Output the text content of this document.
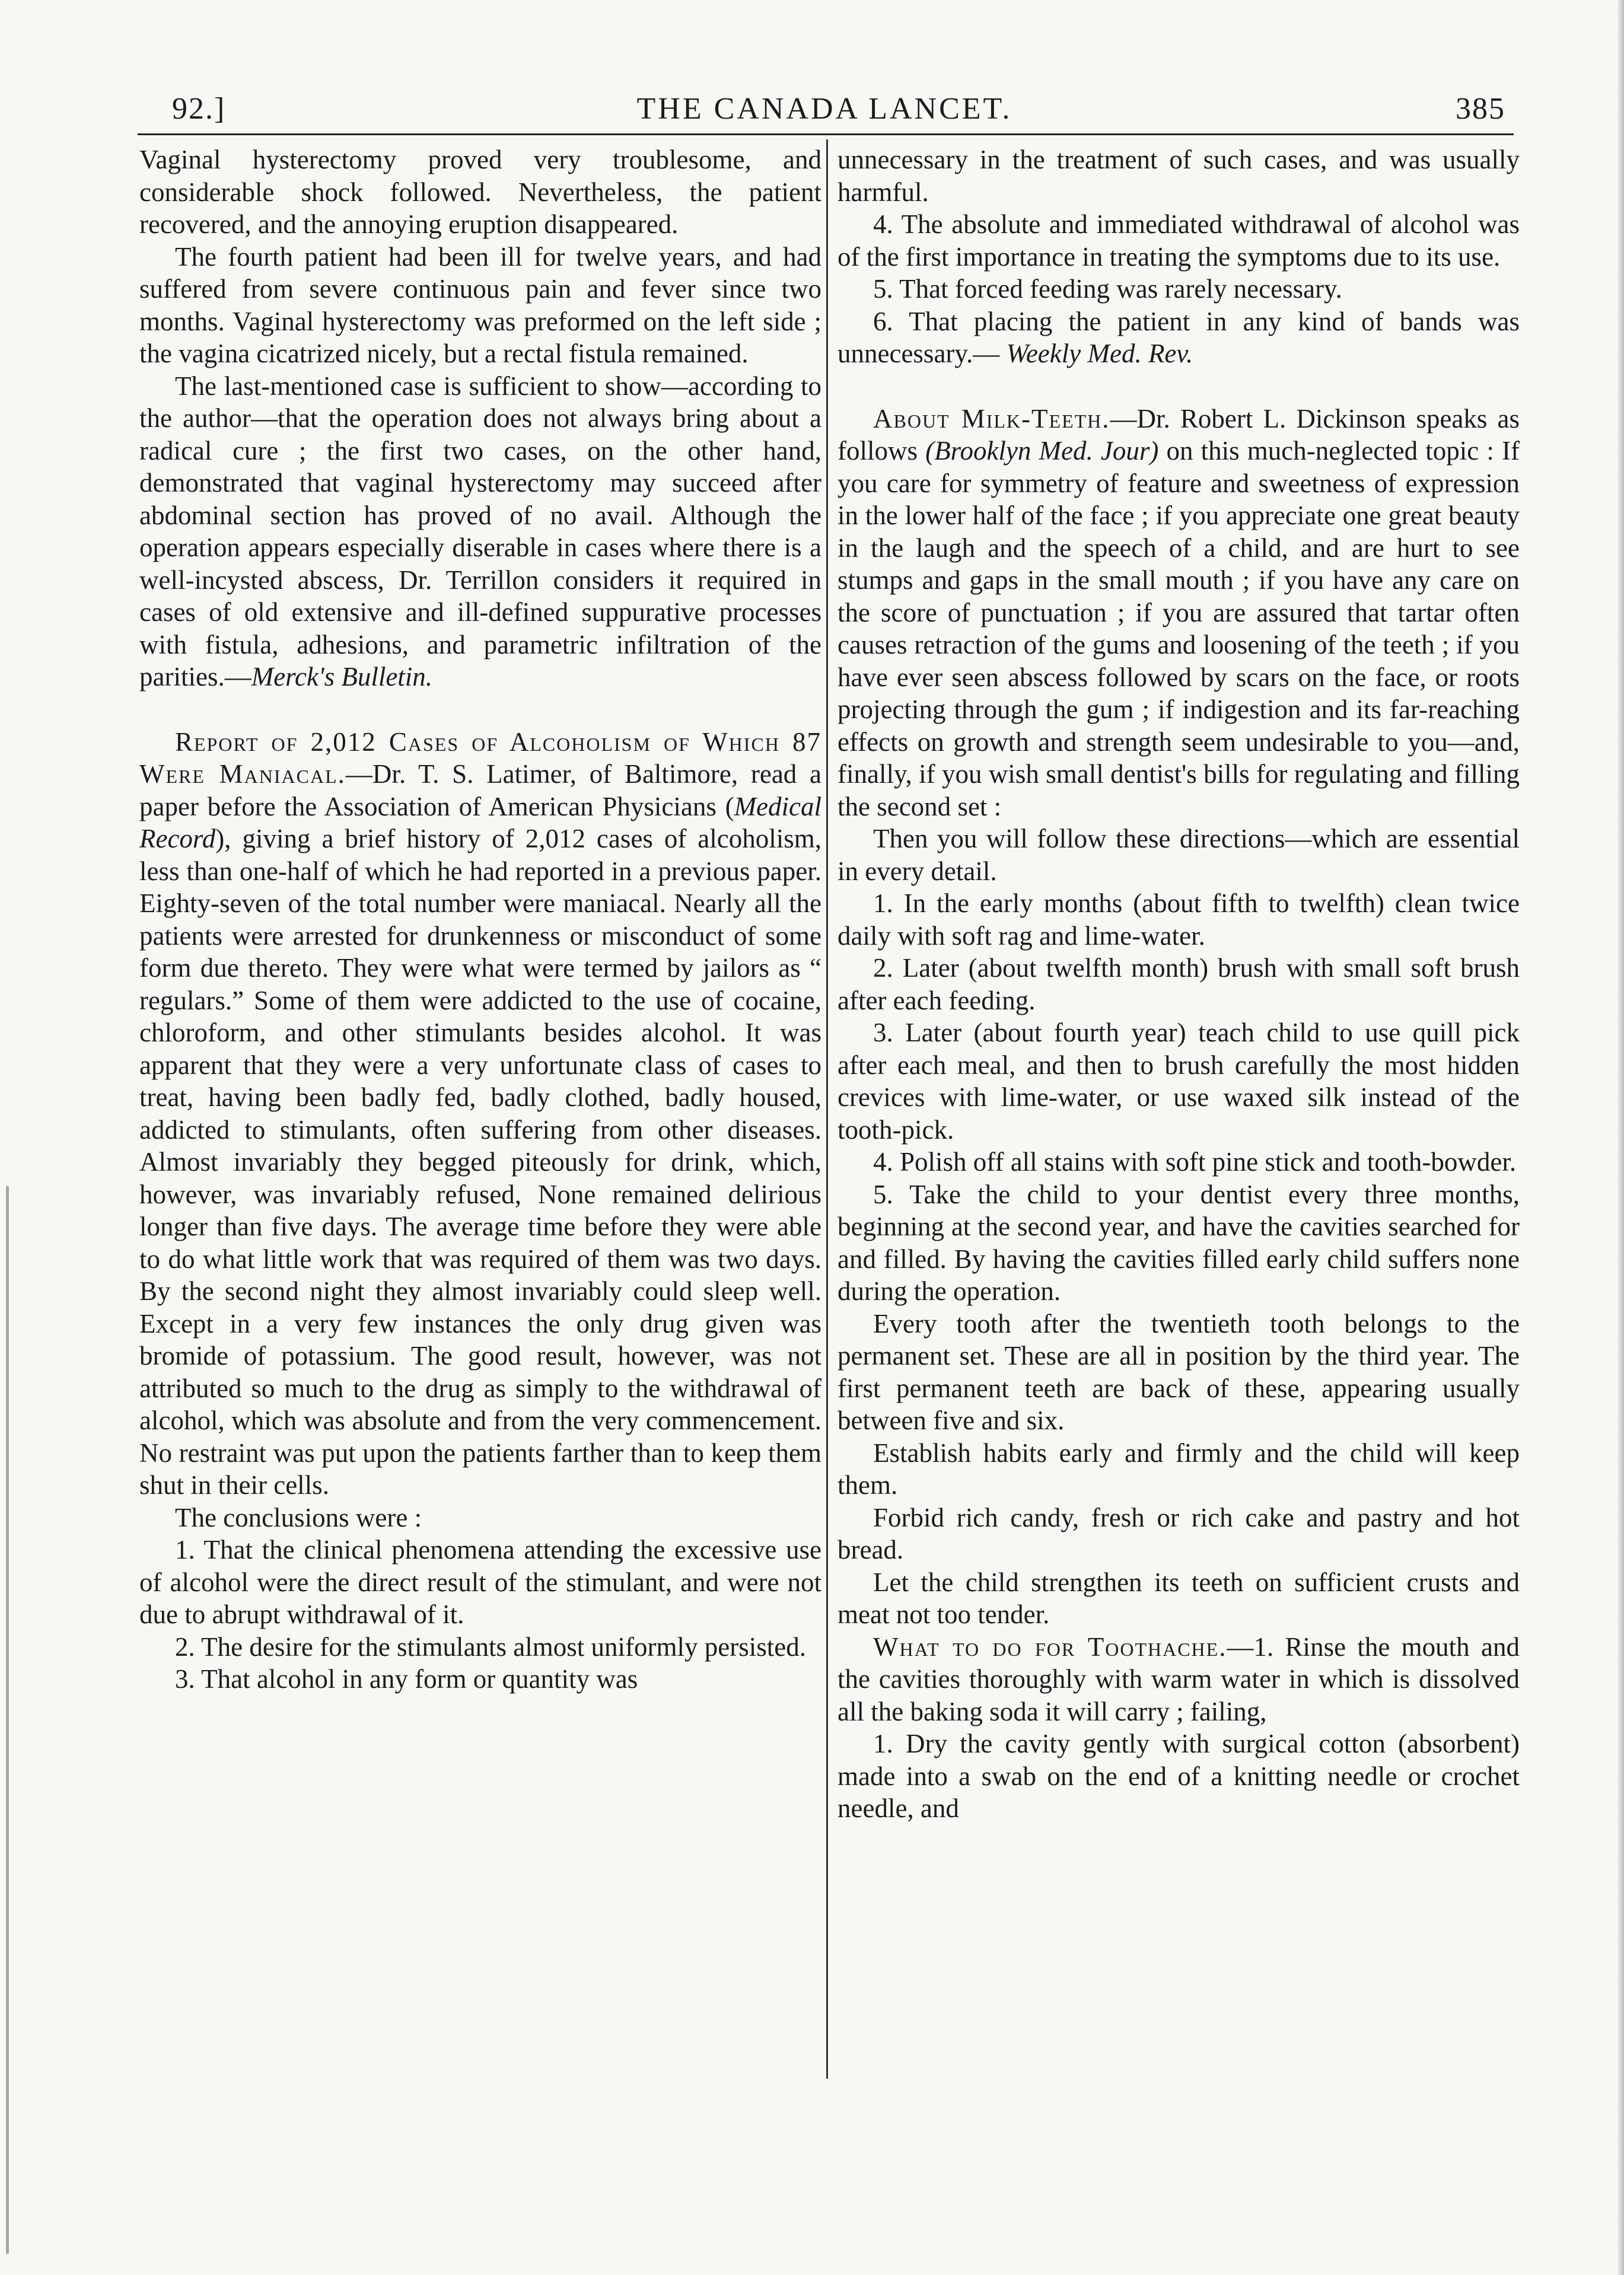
92.]	THE CANADA LANCET.	385

Vaginal hysterectomy proved very troublesome, and considerable shock followed. Nevertheless, the patient recovered, and the annoying eruption disappeared.

The fourth patient had been ill for twelve years, and had suffered from severe continuous pain and fever since two months. Vaginal hysterectomy was preformed on the left side ; the vagina cicatrized nicely, but a rectal fistula remained.

The last-mentioned case is sufficient to show—according to the author—that the operation does not always bring about a radical cure ; the first two cases, on the other hand, demonstrated that vaginal hysterectomy may succeed after abdominal section has proved of no avail. Although the operation appears especially diserable in cases where there is a well-incysted abscess, Dr. Terrillon considers it required in cases of old extensive and ill-defined suppurative processes with fistula, adhesions, and parametric infiltration of the parities.—Merck's Bulletin.

Report of 2,012 Cases of Alcoholism of Which 87 Were Maniacal.—Dr. T. S. Latimer, of Baltimore, read a paper before the Association of American Physicians (Medical Record), giving a brief history of 2,012 cases of alcoholism, less than one-half of which he had reported in a previous paper. Eighty-seven of the total number were maniacal. Nearly all the patients were arrested for drunkenness or misconduct of some form due thereto. They were what were termed by jailors as “ regulars.” Some of them were addicted to the use of cocaine, chloroform, and other stimulants besides alcohol. It was apparent that they were a very unfortunate class of cases to treat, having been badly fed, badly clothed, badly housed, addicted to stimulants, often suffering from other diseases. Almost invariably they begged piteously for drink, which, however, was invariably refused, None remained delirious longer than five days. The average time before they were able to do what little work that was required of them was two days. By the second night they almost invariably could sleep well. Except in a very few instances the only drug given was bromide of potassium. The good result, however, was not attributed so much to the drug as simply to the withdrawal of alcohol, which was absolute and from the very commencement. No restraint was put upon the patients farther than to keep them shut in their cells.

The conclusions were :

1. That the clinical phenomena attending the excessive use of alcohol were the direct result of the stimulant, and were not due to abrupt withdrawal of it.

2. The desire for the stimulants almost uniformly persisted.

3. That alcohol in any form or quantity was

unnecessary in the treatment of such cases, and was usually harmful.

4. The absolute and immediated withdrawal of alcohol was of the first importance in treating the symptoms due to its use.

5. That forced feeding was rarely necessary.

6. That placing the patient in any kind of bands was unnecessary.— Weekly Med. Rev.

About Milk-Teeth.—Dr. Robert L. Dickinson speaks as follows (Brooklyn Med. Jour) on this much-neglected topic : If you care for symmetry of feature and sweetness of expression in the lower half of the face ; if you appreciate one great beauty in the laugh and the speech of a child, and are hurt to see stumps and gaps in the small mouth ; if you have any care on the score of punctuation ; if you are assured that tartar often causes retraction of the gums and loosening of the teeth ; if you have ever seen abscess followed by scars on the face, or roots projecting through the gum ; if indigestion and its far-reaching effects on growth and strength seem undesirable to you—and, finally, if you wish small dentist's bills for regulating and filling the second set :

Then you will follow these directions—which are essential in every detail.

1. In the early months (about fifth to twelfth) clean twice daily with soft rag and lime-water.

2. Later (about twelfth month) brush with small soft brush after each feeding.

3. Later (about fourth year) teach child to use quill pick after each meal, and then to brush carefully the most hidden crevices with lime-water, or use waxed silk instead of the tooth-pick.

4. Polish off all stains with soft pine stick and tooth-bowder.

5. Take the child to your dentist every three months, beginning at the second year, and have the cavities searched for and filled. By having the cavities filled early child suffers none during the operation.

Every tooth after the twentieth tooth belongs to the permanent set. These are all in position by the third year. The first permanent teeth are back of these, appearing usually between five and six.

Establish habits early and firmly and the child will keep them.

Forbid rich candy, fresh or rich cake and pastry and hot bread.

Let the child strengthen its teeth on sufficient crusts and meat not too tender.

What to do for Toothache.—1. Rinse the mouth and the cavities thoroughly with warm water in which is dissolved all the baking soda it will carry ; failing,

1. Dry the cavity gently with surgical cotton (absorbent) made into a swab on the end of a knitting needle or crochet needle, and
